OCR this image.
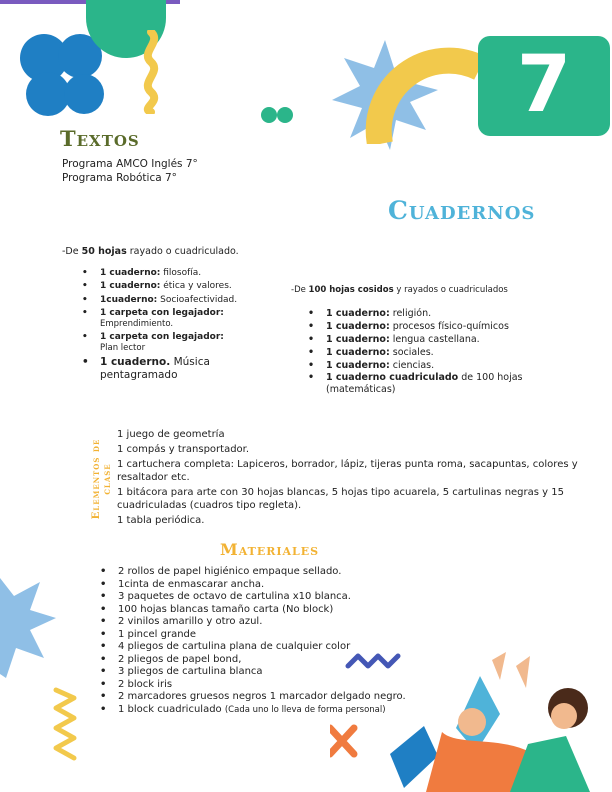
7
Textos
Programa AMCO Inglés 7°
Programa Robótica 7°
Cuadernos
-De 50 hojas rayado o cuadriculado.
• 1 cuaderno: filosofía.
• 1 cuaderno: ética y valores.
• 1cuaderno: Socioafectividad.
• 1 carpeta con legajador:
Emprendimiento.
• 1 carpeta con legajador:
Plan lector
• 1 cuaderno. Música pentagramado
-De 100 hojas cosidos y rayados o cuadriculados
• 1 cuaderno: religión.
• 1 cuaderno: procesos físico-químicos
• 1 cuaderno: lengua castellana.
• 1 cuaderno: sociales.
• 1 cuaderno: ciencias.
• 1 cuaderno cuadriculado de 100 hojas (matemáticas)
Elementos de clase
1 juego de geometría
1 compás y transportador.
1 cartuchera completa: Lapiceros, borrador, lápiz, tijeras punta roma, sacapuntas, colores y resaltador etc.
1 bitácora para arte con 30 hojas blancas, 5 hojas tipo acuarela, 5 cartulinas negras y 15 cuadriculadas (cuadros tipo regleta).
1 tabla periódica.
Materiales
• 2 rollos de papel higiénico empaque sellado.
• 1cinta de enmascarar ancha.
• 3 paquetes de octavo de cartulina x10 blanca.
• 100 hojas blancas tamaño carta (No block)
• 2 vinilos amarillo y otro azul.
• 1 pincel grande
• 4 pliegos de cartulina plana de cualquier color
• 2 pliegos de papel bond,
• 3 pliegos de cartulina blanca
• 2 block iris
• 2 marcadores gruesos negros 1 marcador delgado negro.
• 1 block cuadriculado (Cada uno lo lleva de forma personal)
